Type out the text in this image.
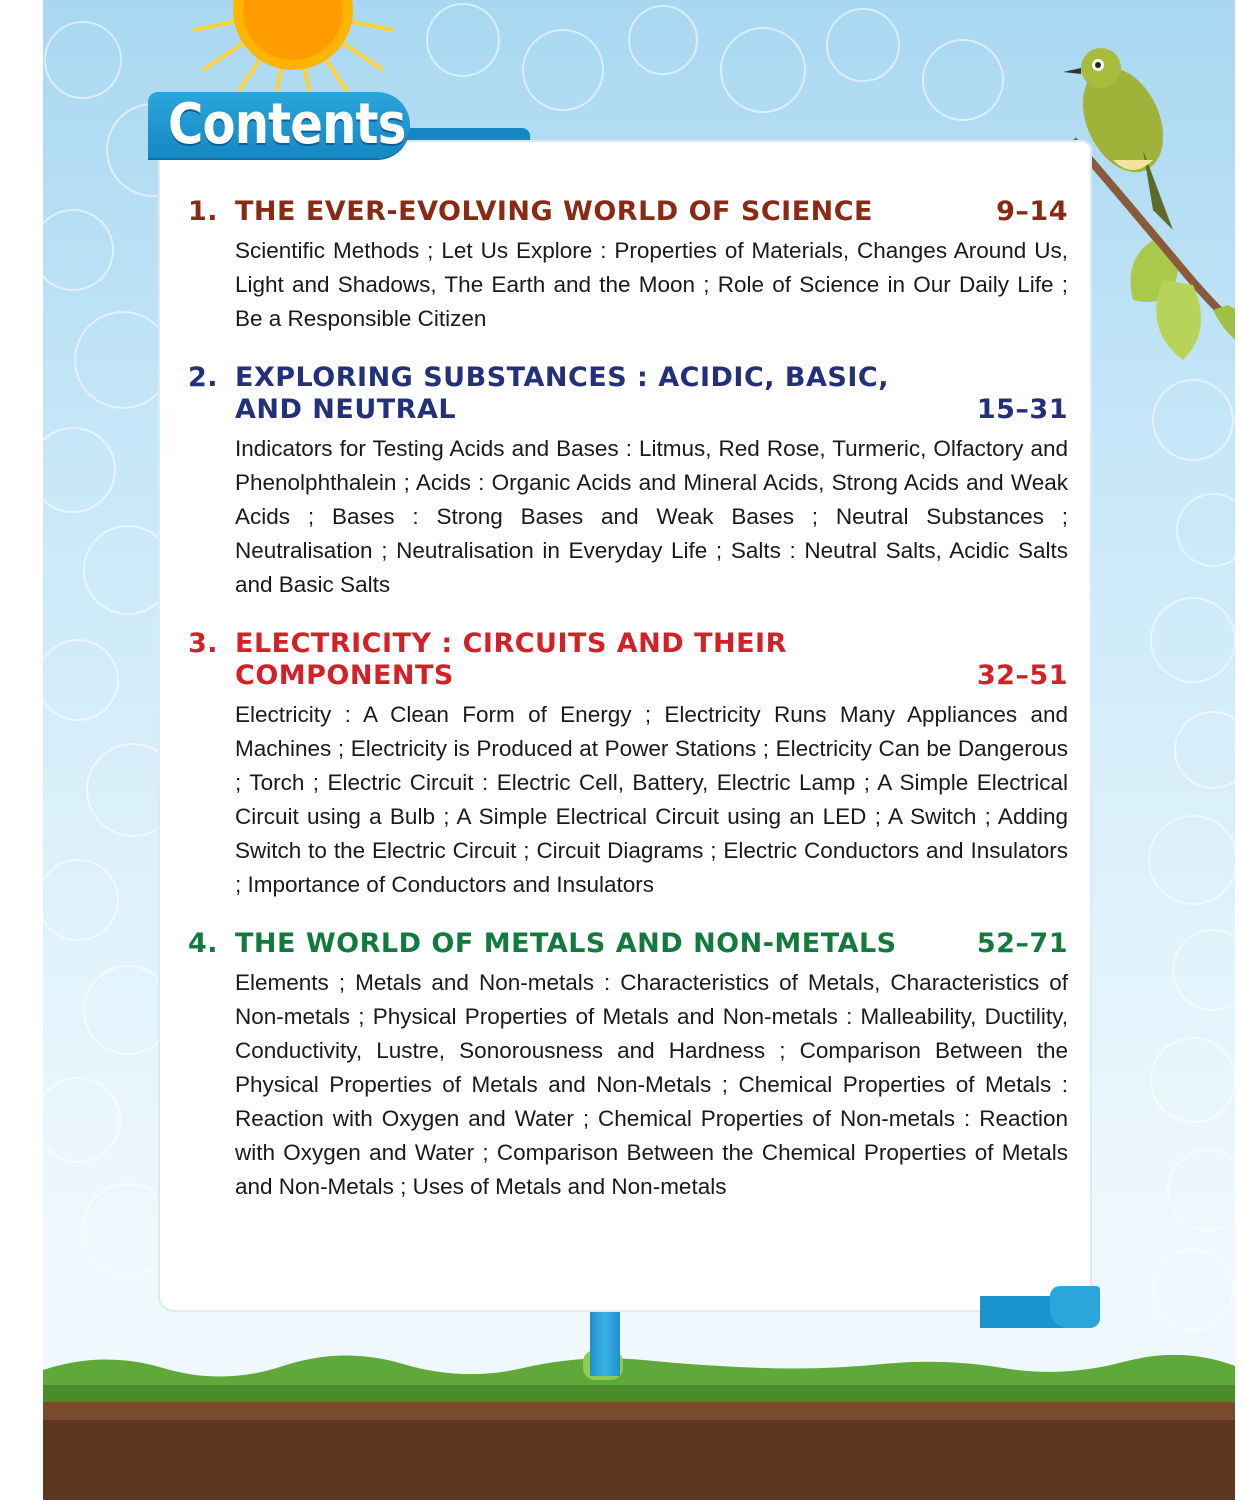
Contents
1. THE EVER-EVOLVING WORLD OF SCIENCE	9–14
Scientific Methods ; Let Us Explore : Properties of Materials, Changes Around Us, Light and Shadows, The Earth and the Moon ; Role of Science in Our Daily Life ; Be a Responsible Citizen
2. EXPLORING SUBSTANCES : ACIDIC, BASIC, AND NEUTRAL	15–31
Indicators for Testing Acids and Bases : Litmus, Red Rose, Turmeric, Olfactory and Phenolphthalein ; Acids : Organic Acids and Mineral Acids, Strong Acids and Weak Acids ; Bases : Strong Bases and Weak Bases ; Neutral Substances ; Neutralisation ; Neutralisation in Everyday Life ; Salts : Neutral Salts, Acidic Salts and Basic Salts
3. ELECTRICITY : CIRCUITS AND THEIR COMPONENTS	32–51
Electricity : A Clean Form of Energy ; Electricity Runs Many Appliances and Machines ; Electricity is Produced at Power Stations ; Electricity Can be Dangerous ; Torch ; Electric Circuit : Electric Cell, Battery, Electric Lamp ; A Simple Electrical Circuit using a Bulb ; A Simple Electrical Circuit using an LED ; A Switch ; Adding Switch to the Electric Circuit ; Circuit Diagrams ; Electric Conductors and Insulators ; Importance of Conductors and Insulators
4. THE WORLD OF METALS AND NON-METALS	52–71
Elements ; Metals and Non-metals : Characteristics of Metals, Characteristics of Non-metals ; Physical Properties of Metals and Non-metals : Malleability, Ductility, Conductivity, Lustre, Sonorousness and Hardness ; Comparison Between the Physical Properties of Metals and Non-Metals ; Chemical Properties of Metals : Reaction with Oxygen and Water ; Chemical Properties of Non-metals : Reaction with Oxygen and Water ; Comparison Between the Chemical Properties of Metals and Non-Metals ; Uses of Metals and Non-metals
